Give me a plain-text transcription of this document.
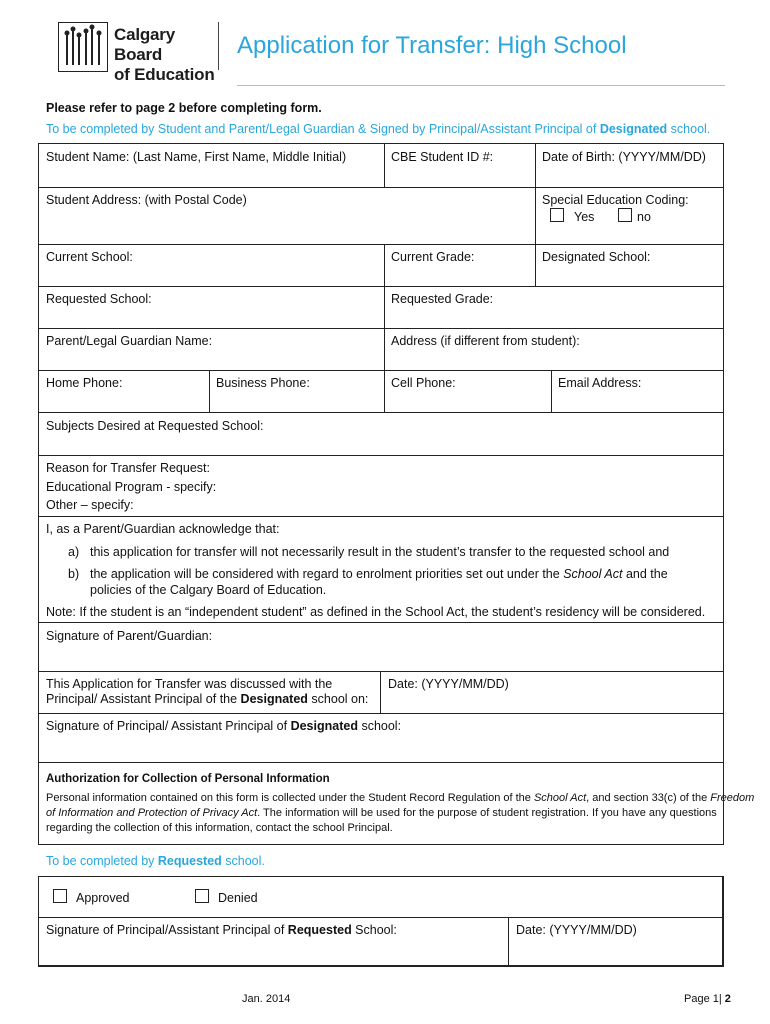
Calgary Board
of Education
Application for Transfer: High School
Please refer to page 2 before completing form.
To be completed by Student and Parent/Legal Guardian & Signed by Principal/Assistant Principal of Designated school.
Student Name: (Last Name, First Name, Middle Initial)	CBE Student ID #:	Date of Birth: (YYYY/MM/DD)
Student Address: (with Postal Code)	Special Education Coding:
Yes	no
Current School:	Current Grade:	Designated School:
Requested School:	Requested Grade:
Parent/Legal Guardian Name:	Address (if different from student):
Home Phone:	Business Phone:	Cell Phone:	Email Address:
Subjects Desired at Requested School:
Reason for Transfer Request:
Educational Program - specify:
Other – specify:
I, as a Parent/Guardian acknowledge that:
a) this application for transfer will not necessarily result in the student’s transfer to the requested school and
b) the application will be considered with regard to enrolment priorities set out under the School Act and the
policies of the Calgary Board of Education.
Note: If the student is an “independent student” as defined in the School Act, the student’s residency will be considered.
Signature of Parent/Guardian:
This Application for Transfer was discussed with the
Principal/ Assistant Principal of the Designated school on:
Date: (YYYY/MM/DD)
Signature of Principal/ Assistant Principal of Designated school:
Authorization for Collection of Personal Information
Personal information contained on this form is collected under the Student Record Regulation of the School Act, and section 33(c) of the Freedom
of Information and Protection of Privacy Act. The information will be used for the purpose of student registration. If you have any questions
regarding the collection of this information, contact the school Principal.
To be completed by Requested school.
Approved	Denied
Signature of Principal/Assistant Principal of Requested School:	Date: (YYYY/MM/DD)
Jan. 2014	Page 1| 2
